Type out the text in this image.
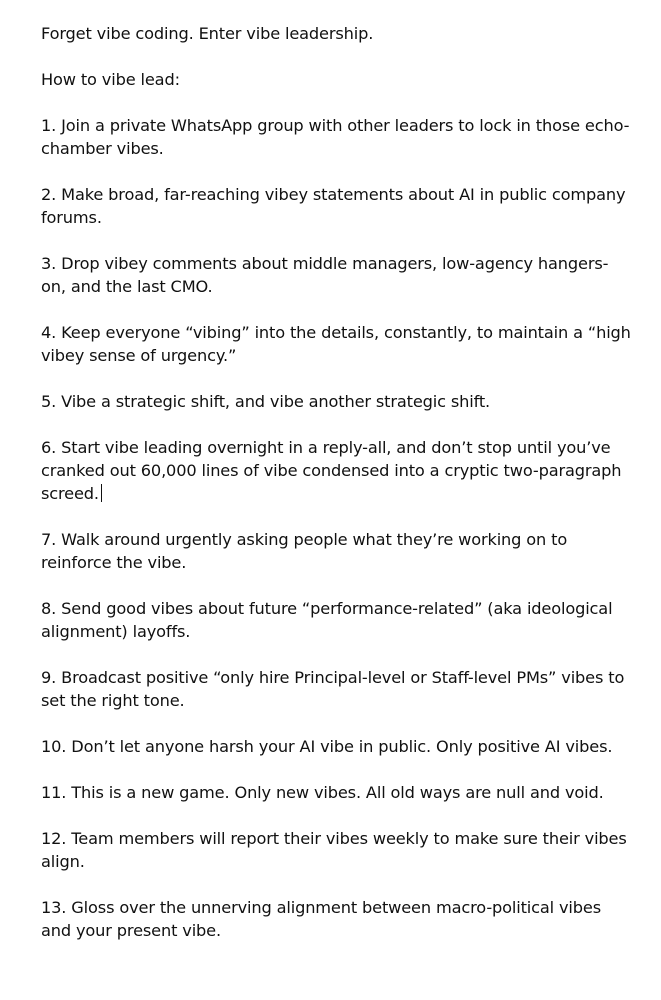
Forget vibe coding. Enter vibe leadership.

How to vibe lead:

1. Join a private WhatsApp group with other leaders to lock in those echo-chamber vibes.

2. Make broad, far-reaching vibey statements about AI in public company forums.

3. Drop vibey comments about middle managers, low-agency hangers-on, and the last CMO.

4. Keep everyone “vibing” into the details, constantly, to maintain a “high vibey sense of urgency.”

5. Vibe a strategic shift, and vibe another strategic shift.

6. Start vibe leading overnight in a reply-all, and don’t stop until you’ve cranked out 60,000 lines of vibe condensed into a cryptic two-paragraph screed.

7. Walk around urgently asking people what they’re working on to reinforce the vibe.

8. Send good vibes about future “performance-related” (aka ideological alignment) layoffs.

9. Broadcast positive “only hire Principal-level or Staff-level PMs” vibes to set the right tone.

10. Don’t let anyone harsh your AI vibe in public. Only positive AI vibes.

11. This is a new game. Only new vibes. All old ways are null and void.

12. Team members will report their vibes weekly to make sure their vibes align.

13. Gloss over the unnerving alignment between macro-political vibes and your present vibe.
